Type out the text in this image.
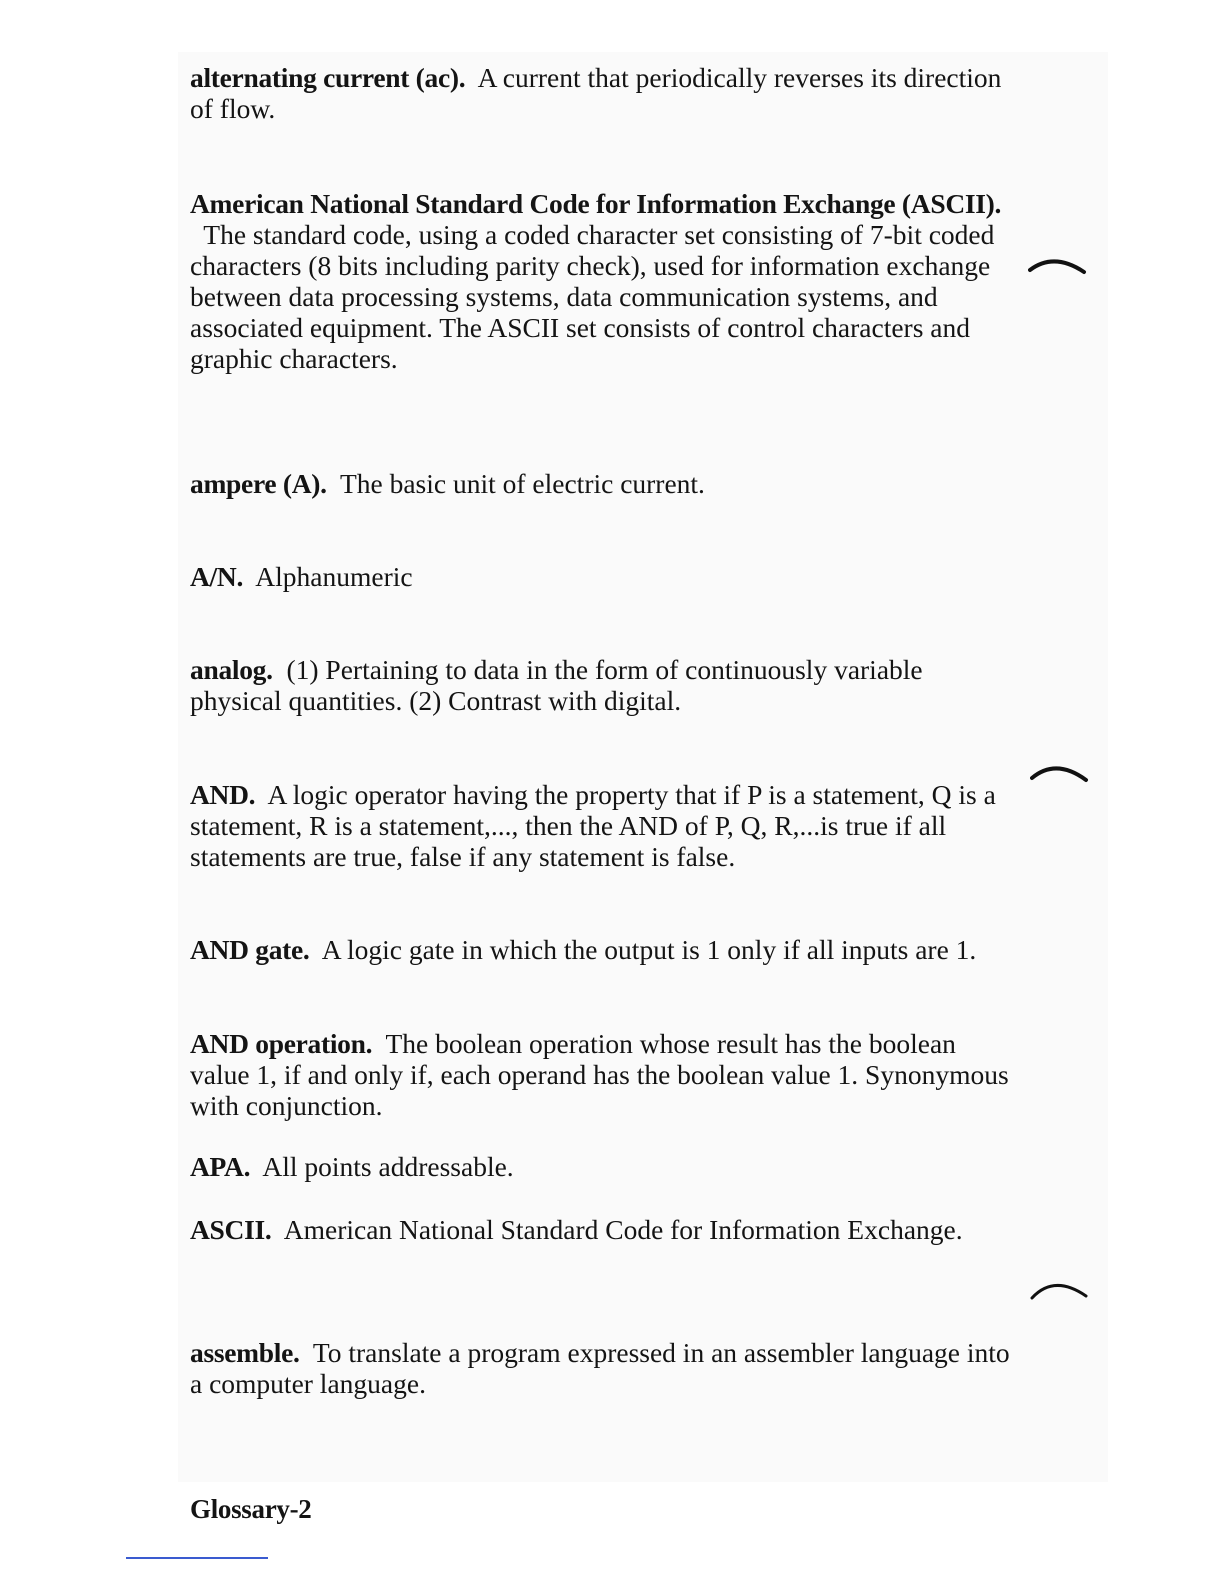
alternating current (ac). A current that periodically reverses its direction of flow.

American National Standard Code for Information Exchange (ASCII).  The standard code, using a coded character set consisting of 7-bit coded characters (8 bits including parity check), used for information exchange between data processing systems, data communication systems, and associated equipment. The ASCII set consists of control characters and graphic characters.

ampere (A). The basic unit of electric current.

A/N. Alphanumeric

analog. (1) Pertaining to data in the form of continuously variable physical quantities. (2) Contrast with digital.

AND. A logic operator having the property that if P is a statement, Q is a statement, R is a statement,..., then the AND of P, Q, R,...is true if all statements are true, false if any statement is false.

AND gate. A logic gate in which the output is 1 only if all inputs are 1.

AND operation. The boolean operation whose result has the boolean value 1, if and only if, each operand has the boolean value 1. Synonymous with conjunction.

APA. All points addressable.

ASCII. American National Standard Code for Information Exchange.

assemble. To translate a program expressed in an assembler language into a computer language.

Glossary-2
